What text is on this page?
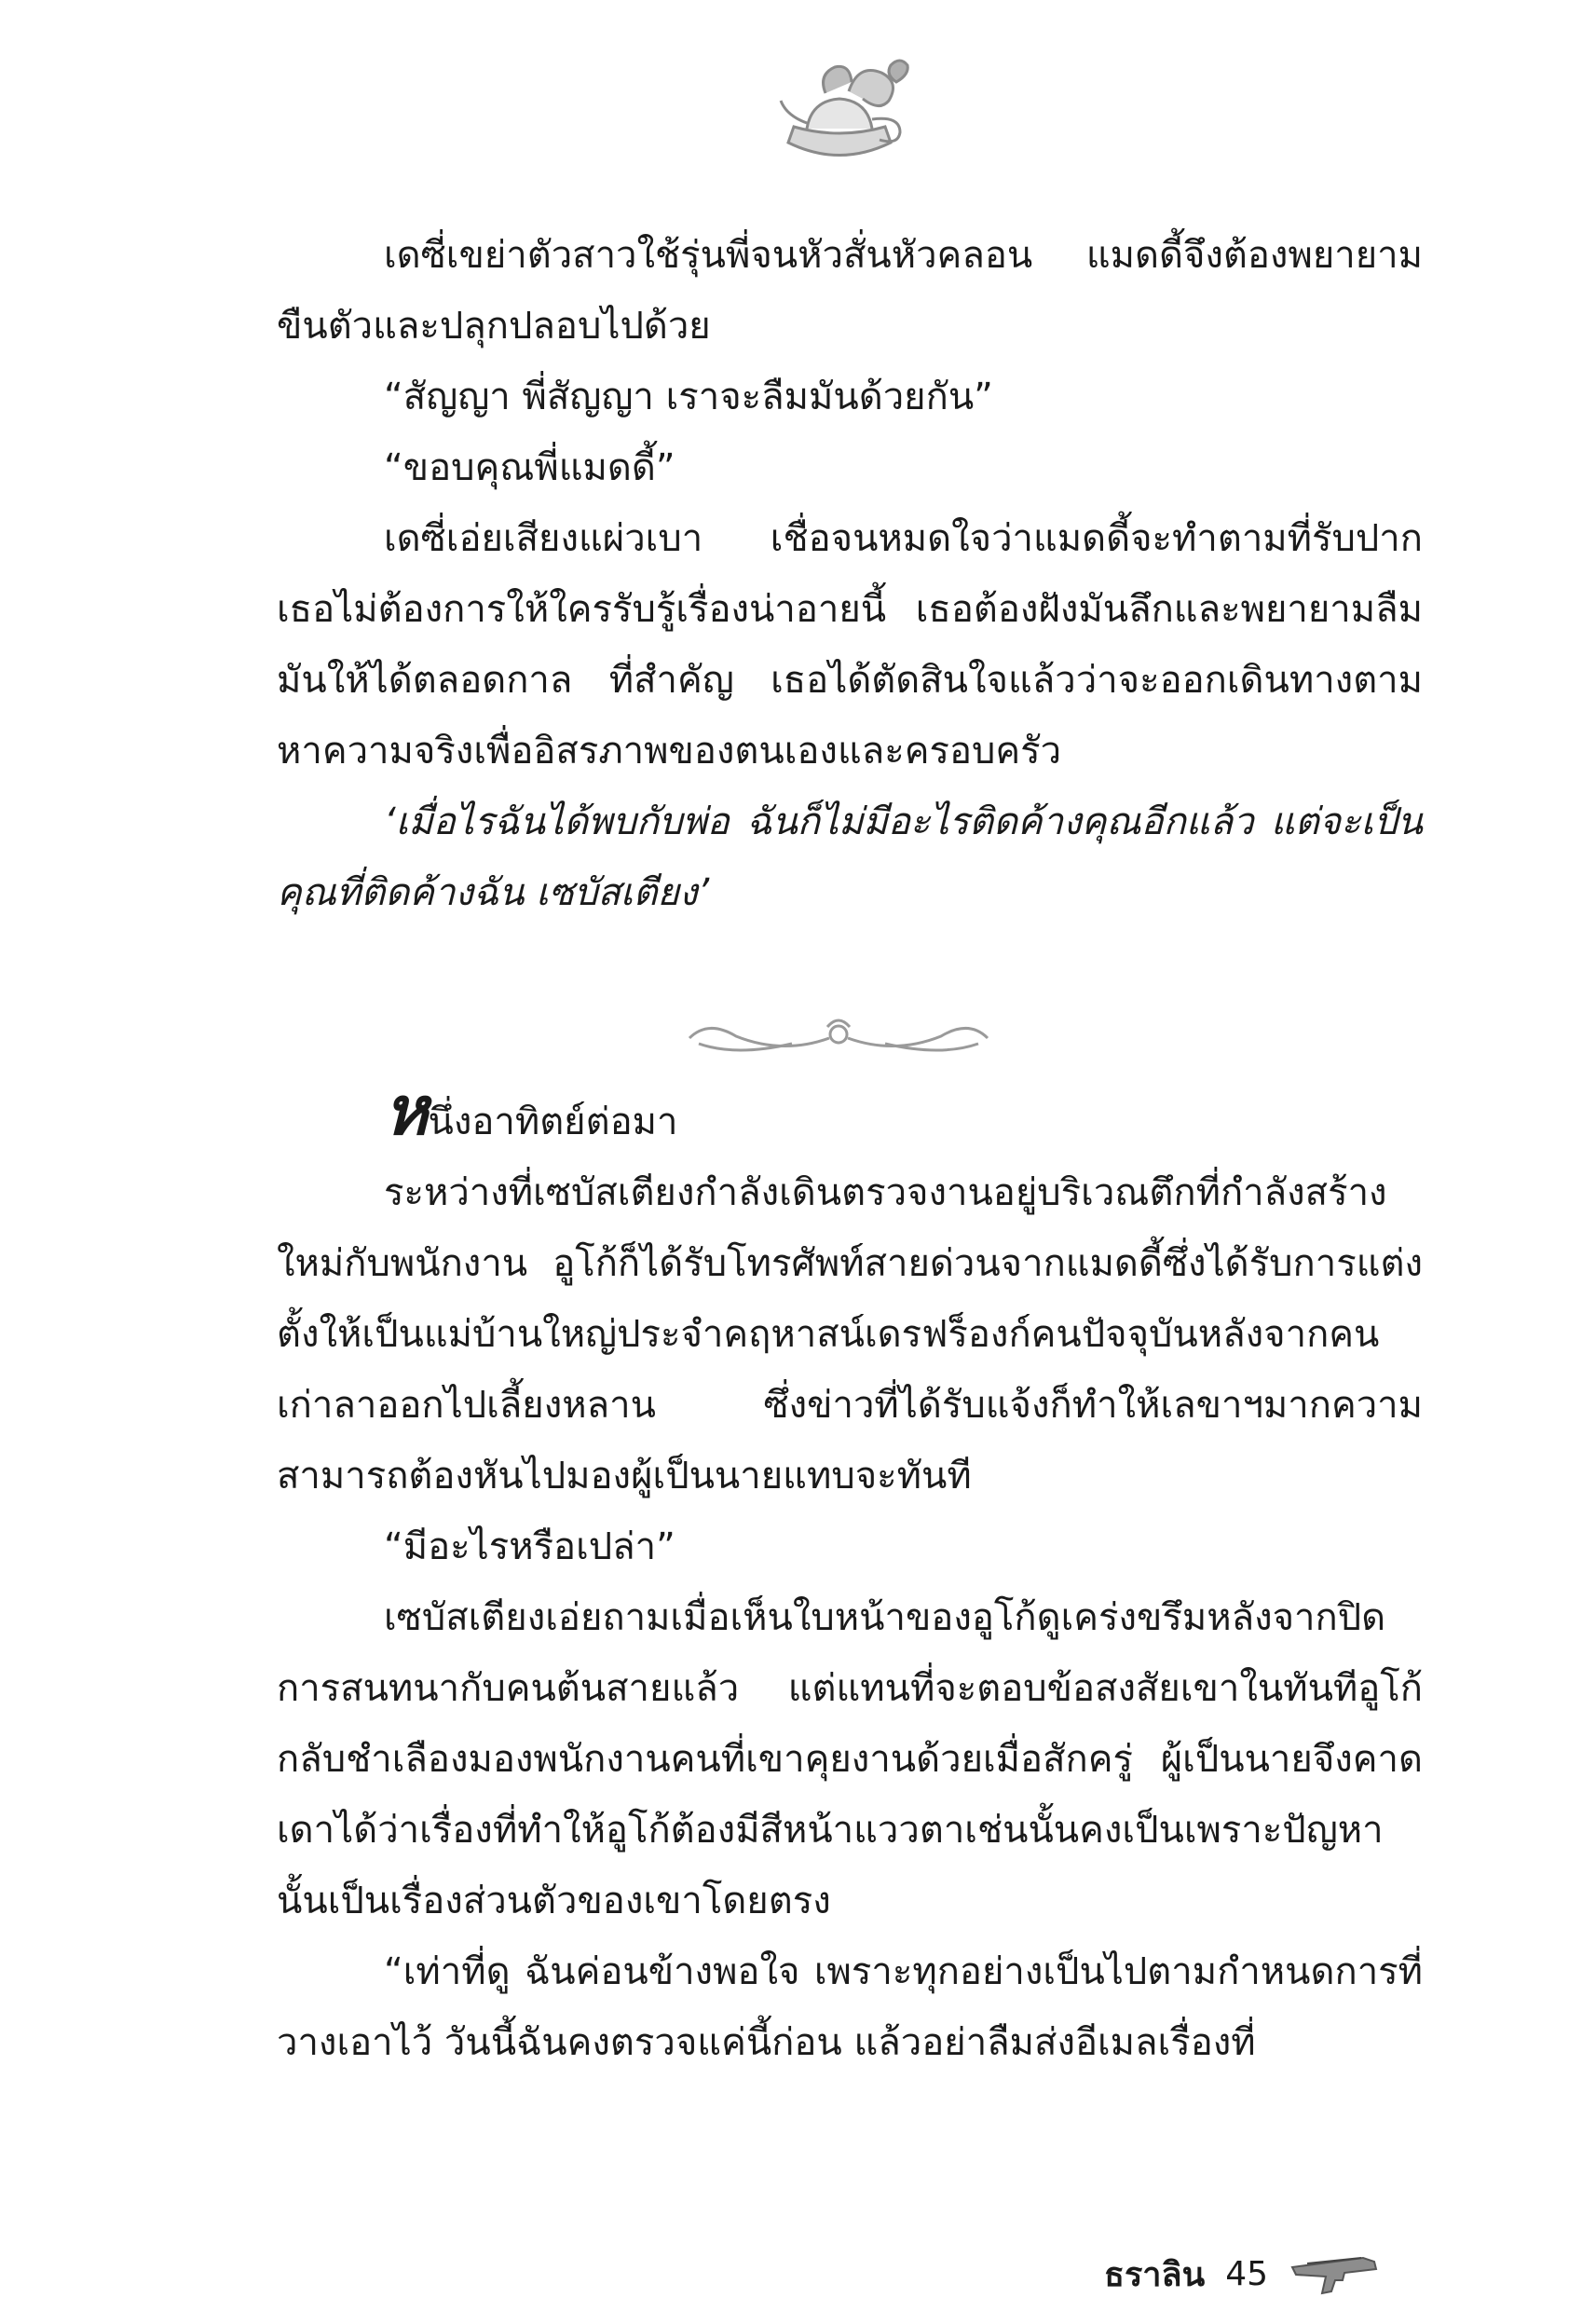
เดซี่เขย่าตัวสาวใช้รุ่นพี่จนหัวสั่นหัวคลอน แมดดี้จึงต้องพยายามขืนตัวและปลุกปลอบไปด้วย

“สัญญา พี่สัญญา เราจะลืมมันด้วยกัน”

“ขอบคุณพี่แมดดี้”

เดซี่เอ่ยเสียงแผ่วเบา เชื่อจนหมดใจว่าแมดดี้จะทำตามที่รับปาก เธอไม่ต้องการให้ใครรับรู้เรื่องน่าอายนี้ เธอต้องฝังมันลึกและพยายามลืมมันให้ได้ตลอดกาล ที่สำคัญ เธอได้ตัดสินใจแล้วว่าจะออกเดินทางตามหาความจริงเพื่ออิสรภาพของตนเองและครอบครัว

‘เมื่อไรฉันได้พบกับพ่อ ฉันก็ไม่มีอะไรติดค้างคุณอีกแล้ว แต่จะเป็นคุณที่ติดค้างฉัน เซบัสเตียง’

หนึ่งอาทิตย์ต่อมา

ระหว่างที่เซบัสเตียงกำลังเดินตรวจงานอยู่บริเวณตึกที่กำลังสร้างใหม่กับพนักงาน อูโก้ก็ได้รับโทรศัพท์สายด่วนจากแมดดี้ซึ่งได้รับการแต่งตั้งให้เป็นแม่บ้านใหญ่ประจำคฤหาสน์เดรฟร็องก์คนปัจจุบันหลังจากคนเก่าลาออกไปเลี้ยงหลาน ซึ่งข่าวที่ได้รับแจ้งก็ทำให้เลขาฯมากความสามารถต้องหันไปมองผู้เป็นนายแทบจะทันที

“มีอะไรหรือเปล่า”

เซบัสเตียงเอ่ยถามเมื่อเห็นใบหน้าของอูโก้ดูเคร่งขรึมหลังจากปิดการสนทนากับคนต้นสายแล้ว แต่แทนที่จะตอบข้อสงสัยเขาในทันทีอูโก้กลับชำเลืองมองพนักงานคนที่เขาคุยงานด้วยเมื่อสักครู่ ผู้เป็นนายจึงคาดเดาได้ว่าเรื่องที่ทำให้อูโก้ต้องมีสีหน้าแววตาเช่นนั้นคงเป็นเพราะปัญหานั้นเป็นเรื่องส่วนตัวของเขาโดยตรง

“เท่าที่ดู ฉันค่อนข้างพอใจ เพราะทุกอย่างเป็นไปตามกำหนดการที่วางเอาไว้ วันนี้ฉันคงตรวจแค่นี้ก่อน แล้วอย่าลืมส่งอีเมลเรื่องที่

ธราลิน 45
